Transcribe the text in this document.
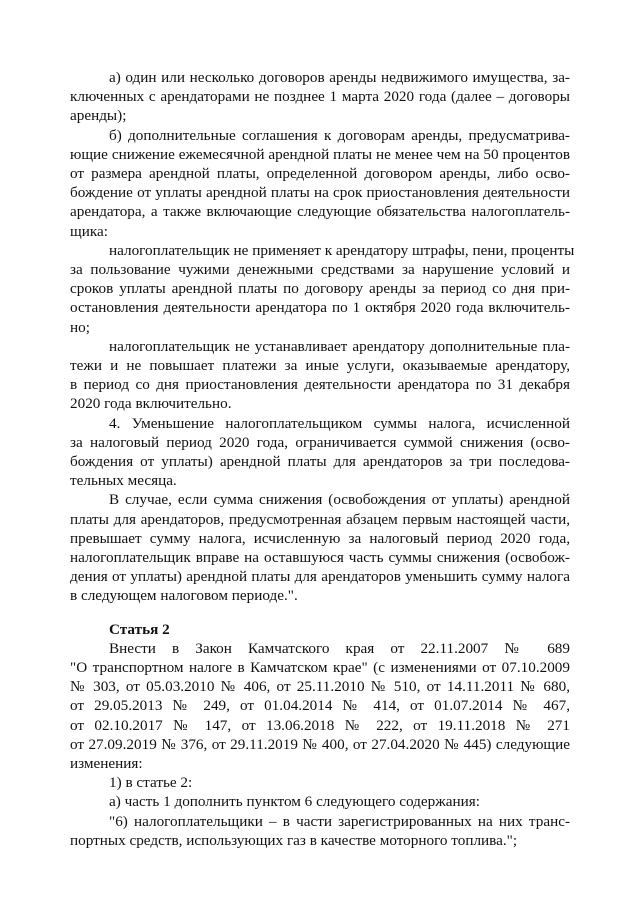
а) один или несколько договоров аренды недвижимого имущества, за-
ключенных с арендаторами не позднее 1 марта 2020 года (далее – договоры
аренды);
б) дополнительные соглашения к договорам аренды, предусматрива-
ющие снижение ежемесячной арендной платы не менее чем на 50 процентов
от размера арендной платы, определенной договором аренды, либо осво-
бождение от уплаты арендной платы на срок приостановления деятельности
арендатора, а также включающие следующие обязательства налогоплатель-
щика:
налогоплательщик не применяет к арендатору штрафы, пени, проценты
за пользование чужими денежными средствами за нарушение условий и
сроков уплаты арендной платы по договору аренды за период со дня при-
остановления деятельности арендатора по 1 октября 2020 года включитель-
но;
налогоплательщик не устанавливает арендатору дополнительные пла-
тежи и не повышает платежи за иные услуги, оказываемые арендатору,
в период со дня приостановления деятельности арендатора по 31 декабря
2020 года включительно.
4. Уменьшение налогоплательщиком суммы налога, исчисленной
за налоговый период 2020 года, ограничивается суммой снижения (осво-
бождения от уплаты) арендной платы для арендаторов за три последова-
тельных месяца.
В случае, если сумма снижения (освобождения от уплаты) арендной
платы для арендаторов, предусмотренная абзацем первым настоящей части,
превышает сумму налога, исчисленную за налоговый период 2020 года,
налогоплательщик вправе на оставшуюся часть суммы снижения (освобож-
дения от уплаты) арендной платы для арендаторов уменьшить сумму налога
в следующем налоговом периоде.".
Статья 2
Внести в Закон Камчатского края от 22.11.2007 № 689
"О транспортном налоге в Камчатском крае" (с изменениями от 07.10.2009
№ 303, от 05.03.2010 № 406, от 25.11.2010 № 510, от 14.11.2011 № 680,
от 29.05.2013 № 249, от 01.04.2014 № 414, от 01.07.2014 № 467,
от 02.10.2017 № 147, от 13.06.2018 № 222, от 19.11.2018 № 271
от 27.09.2019 № 376, от 29.11.2019 № 400, от 27.04.2020 № 445) следующие
изменения:
1) в статье 2:
а) часть 1 дополнить пунктом 6 следующего содержания:
"6) налогоплательщики – в части зарегистрированных на них транс-
портных средств, использующих газ в качестве моторного топлива.";
